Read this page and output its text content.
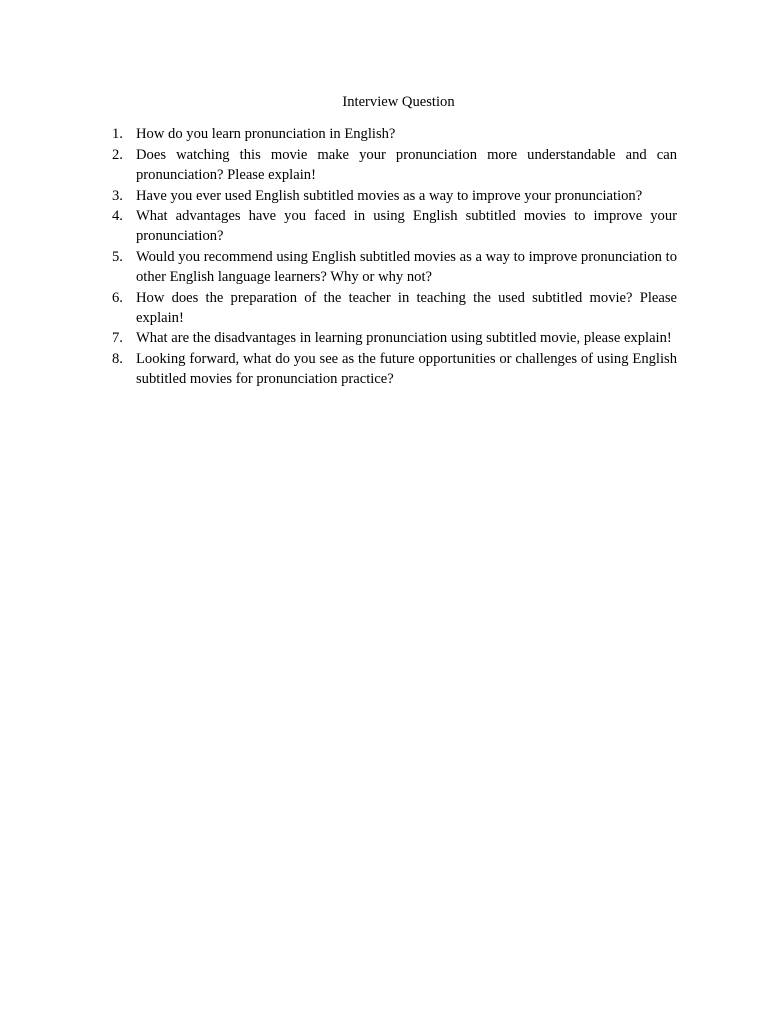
Interview Question
1. How do you learn pronunciation in English?
2. Does watching this movie make your pronunciation more understandable and can pronunciation? Please explain!
3. Have you ever used English subtitled movies as a way to improve your pronunciation?
4. What advantages have you faced in using English subtitled movies to improve your pronunciation?
5. Would you recommend using English subtitled movies as a way to improve pronunciation to other English language learners? Why or why not?
6. How does the preparation of the teacher in teaching the used subtitled movie? Please explain!
7. What are the disadvantages in learning pronunciation using subtitled movie, please explain!
8. Looking forward, what do you see as the future opportunities or challenges of using English subtitled movies for pronunciation practice?
